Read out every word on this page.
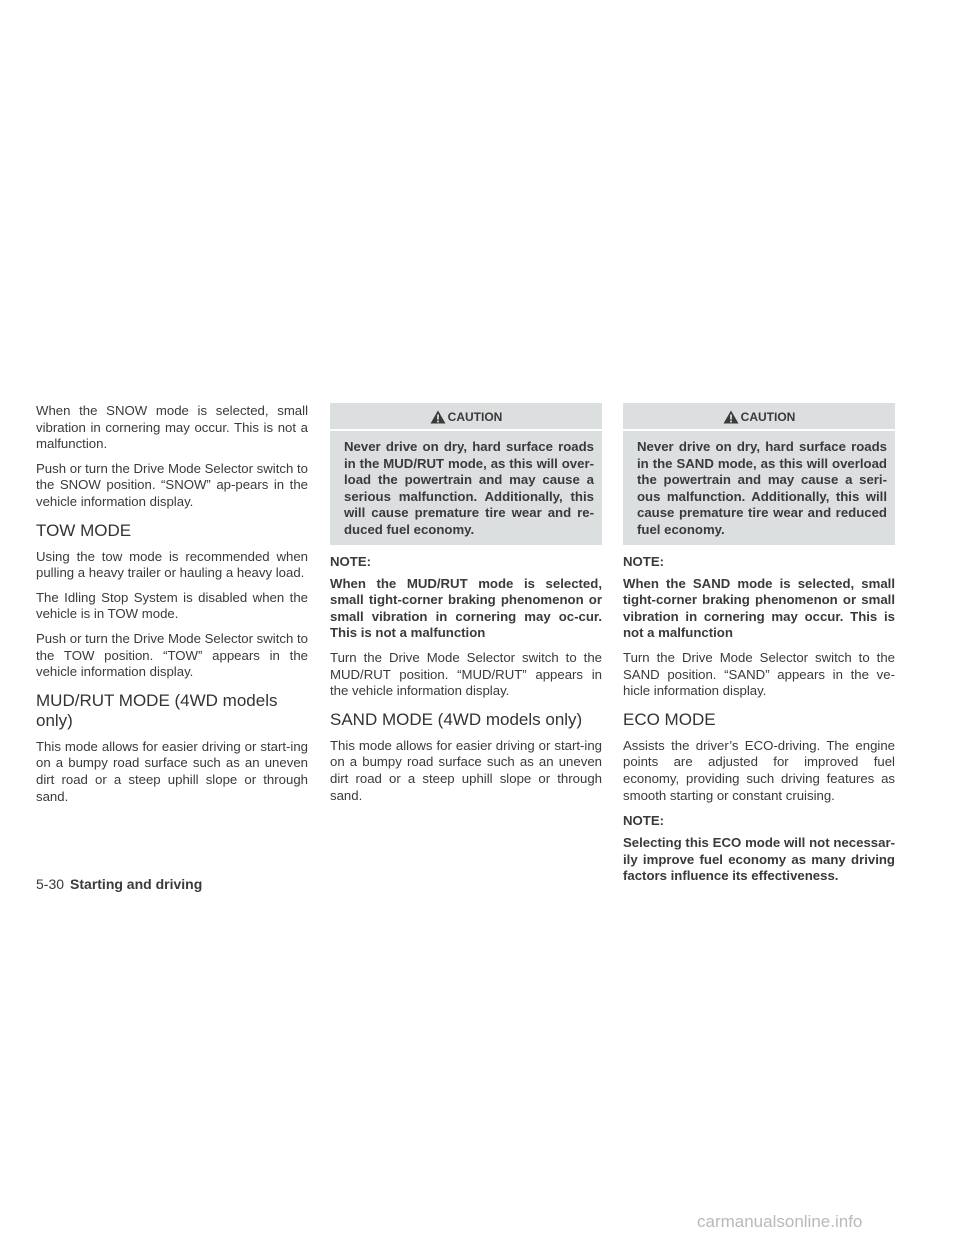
When the SNOW mode is selected, small vibration in cornering may occur. This is not a malfunction.

Push or turn the Drive Mode Selector switch to the SNOW position. “SNOW” ap-pears in the vehicle information display.

TOW MODE

Using the tow mode is recommended when pulling a heavy trailer or hauling a heavy load.

The Idling Stop System is disabled when the vehicle is in TOW mode.

Push or turn the Drive Mode Selector switch to the TOW position. “TOW” appears in the vehicle information display.

MUD/RUT MODE (4WD models only)

This mode allows for easier driving or start-ing on a bumpy road surface such as an uneven dirt road or a steep uphill slope or through sand.

CAUTION
Never drive on dry, hard surface roads in the MUD/RUT mode, as this will over-load the powertrain and may cause a serious malfunction. Additionally, this will cause premature tire wear and re-duced fuel economy.
NOTE:

When the MUD/RUT mode is selected, small tight-corner braking phenomenon or small vibration in cornering may oc-cur. This is not a malfunction

Turn the Drive Mode Selector switch to the MUD/RUT position. “MUD/RUT” appears in the vehicle information display.

SAND MODE (4WD models only)

This mode allows for easier driving or start-ing on a bumpy road surface such as an uneven dirt road or a steep uphill slope or through sand.

CAUTION
Never drive on dry, hard surface roads in the SAND mode, as this will overload the powertrain and may cause a seri-ous malfunction. Additionally, this will cause premature tire wear and reduced fuel economy.
NOTE:

When the SAND mode is selected, small tight-corner braking phenomenon or small vibration in cornering may occur. This is not a malfunction

Turn the Drive Mode Selector switch to the SAND position. “SAND” appears in the ve-hicle information display.

ECO MODE

Assists the driver’s ECO-driving. The engine points are adjusted for improved fuel economy, providing such driving features as smooth starting or constant cruising.

NOTE:

Selecting this ECO mode will not necessar-ily improve fuel economy as many driving factors influence its effectiveness.

5-30 Starting and driving
carmanualsonline.info
